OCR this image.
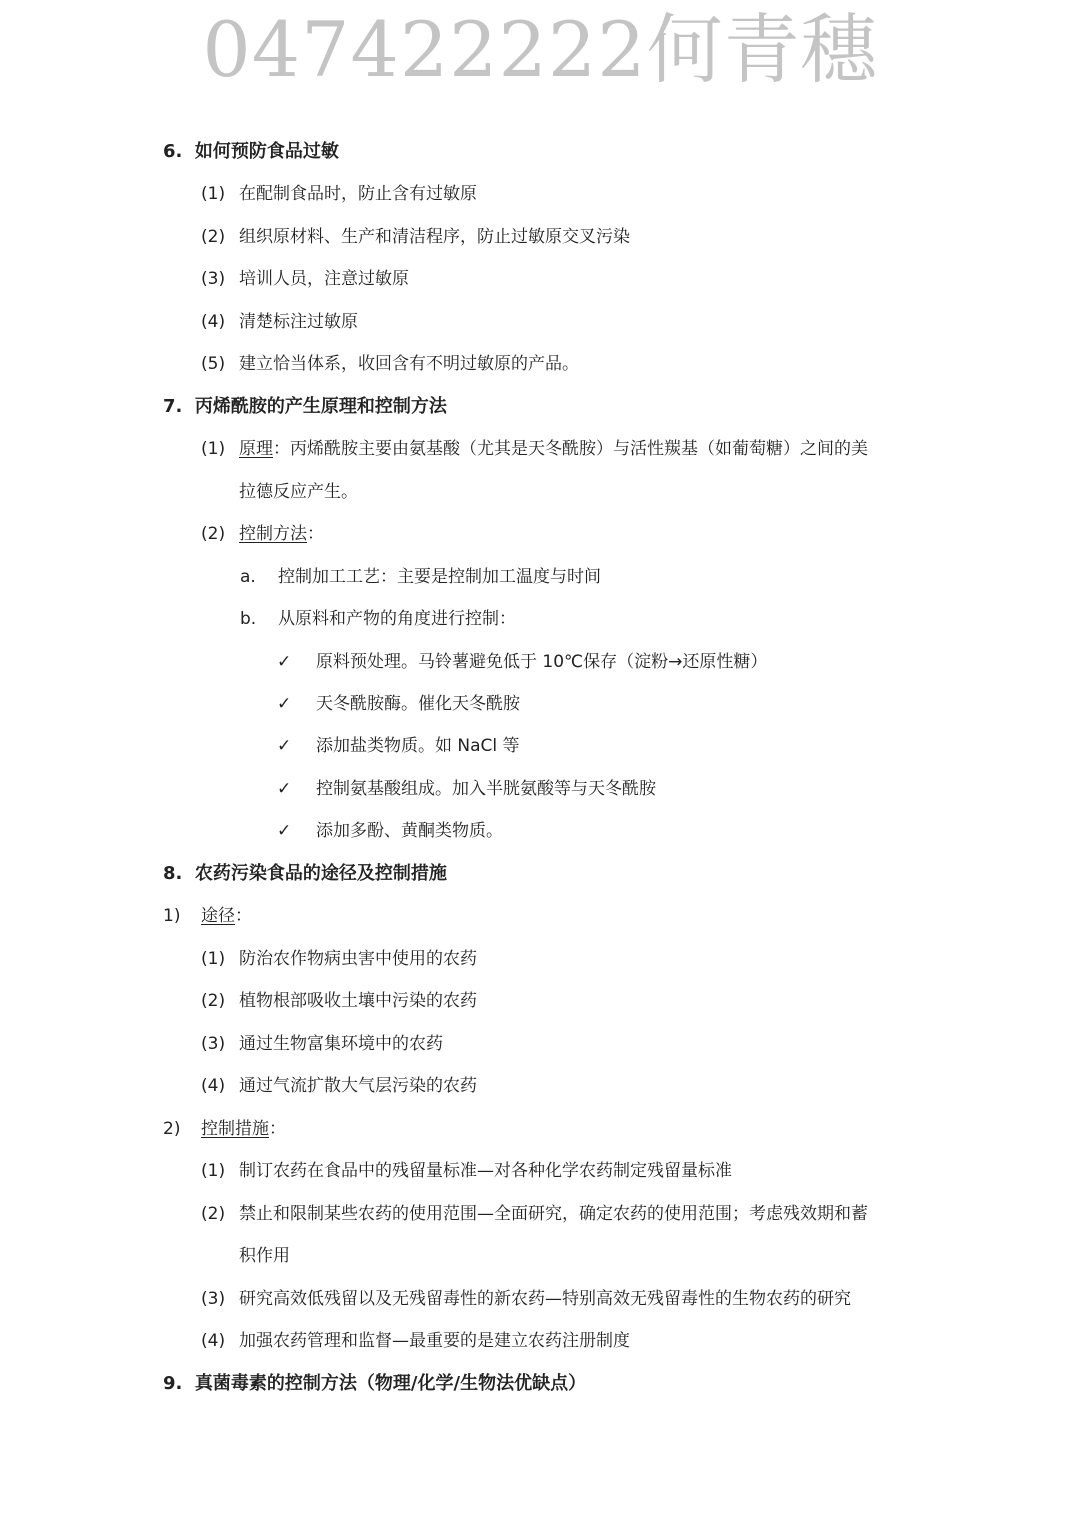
047422222何青穗
6. 如何预防食品过敏
(1) 在配制食品时，防止含有过敏原
(2) 组织原材料、生产和清洁程序，防止过敏原交叉污染
(3) 培训人员，注意过敏原
(4) 清楚标注过敏原
(5) 建立恰当体系，收回含有不明过敏原的产品。
7. 丙烯酰胺的产生原理和控制方法
(1) 原理：丙烯酰胺主要由氨基酸（尤其是天冬酰胺）与活性羰基（如葡萄糖）之间的美
拉德反应产生。
(2) 控制方法：
a. 控制加工工艺：主要是控制加工温度与时间
b. 从原料和产物的角度进行控制：
✓ 原料预处理。马铃薯避免低于 10℃保存（淀粉→还原性糖）
✓ 天冬酰胺酶。催化天冬酰胺
✓ 添加盐类物质。如 NaCl 等
✓ 控制氨基酸组成。加入半胱氨酸等与天冬酰胺
✓ 添加多酚、黄酮类物质。
8. 农药污染食品的途径及控制措施
1) 途径：
(1) 防治农作物病虫害中使用的农药
(2) 植物根部吸收土壤中污染的农药
(3) 通过生物富集环境中的农药
(4) 通过气流扩散大气层污染的农药
2) 控制措施：
(1) 制订农药在食品中的残留量标准—对各种化学农药制定残留量标准
(2) 禁止和限制某些农药的使用范围—全面研究，确定农药的使用范围；考虑残效期和蓄
积作用
(3) 研究高效低残留以及无残留毒性的新农药—特别高效无残留毒性的生物农药的研究
(4) 加强农药管理和监督—最重要的是建立农药注册制度
9. 真菌毒素的控制方法（物理/化学/生物法优缺点）
